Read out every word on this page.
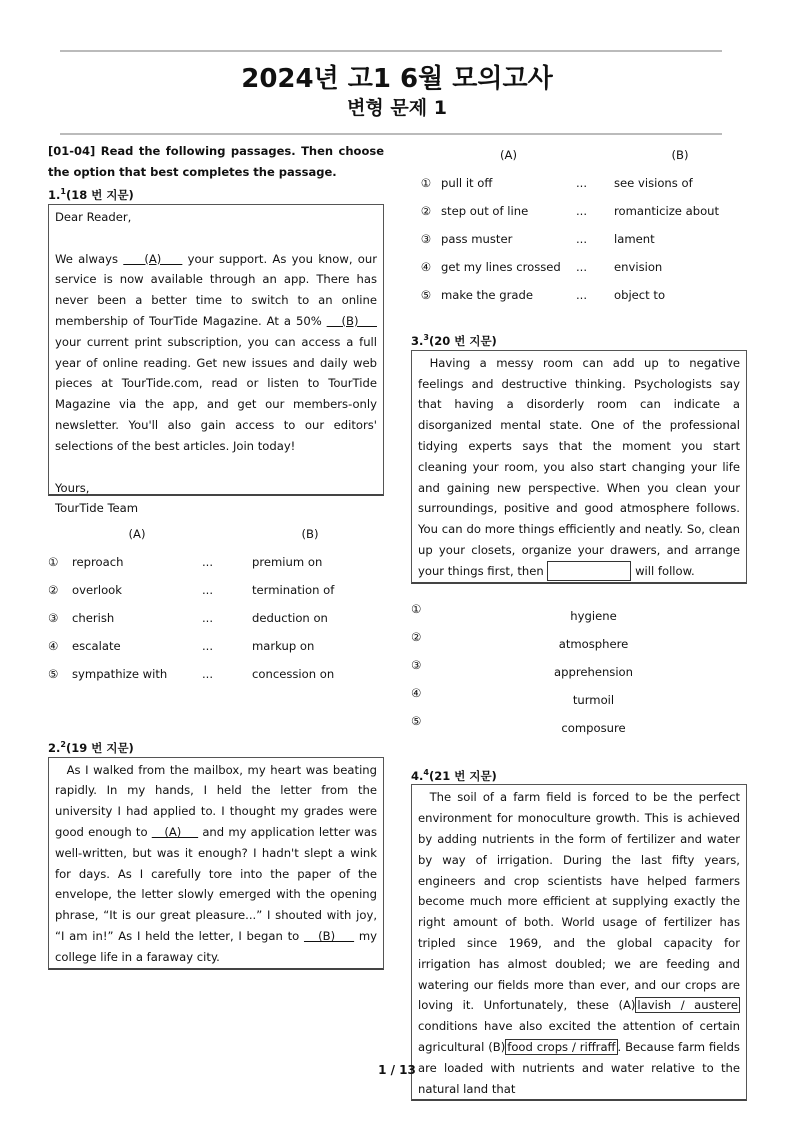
2024년 고1 6월 모의고사
변형 문제 1
[01-04] Read the following passages. Then choose the option that best completes the passage.
1.$^1$(18 번 지문)
Dear Reader,
We always     (A)     your support. As you know, our service is now available through an app. There has never been a better time to switch to an online membership of TourTide Magazine. At a 50%    (B)     your current print subscription, you can access a full year of online reading. Get new issues and daily web pieces at TourTide.com, read or listen to TourTide Magazine via the app, and get our members-only newsletter. You'll also gain access to our editors' selections of the best articles. Join today!
Yours,
TourTide Team
	(A)		(B)
①	reproach	...	premium on
②	overlook	...	termination of
③	cherish	...	deduction on
④	escalate	...	markup on
⑤	sympathize with	...	concession on
2.$^2$(19 번 지문)
As I walked from the mailbox, my heart was beating rapidly. In my hands, I held the letter from the university I had applied to. I thought my grades were good enough to    (A)     and my application letter was well-written, but was it enough? I hadn't slept a wink for days. As I carefully tore into the paper of the envelope, the letter slowly emerged with the opening phrase, “It is our great pleasure...” I shouted with joy, “I am in!” As I held the letter, I began to    (B)     my college life in a faraway city.
	(A)		(B)
①	pull it off	...	see visions of
②	step out of line	...	romanticize about
③	pass muster	...	lament
④	get my lines crossed	...	envision
⑤	make the grade	...	object to
3.$^3$(20 번 지문)
Having a messy room can add up to negative feelings and destructive thinking. Psychologists say that having a disorderly room can indicate a disorganized mental state. One of the professional tidying experts says that the moment you start cleaning your room, you also start changing your life and gaining new perspective. When you clean your surroundings, positive and good atmosphere follows. You can do more things efficiently and neatly. So, clean up your closets, organize your drawers, and arrange your things first, then	will follow.
①	hygiene
②	atmosphere
③	apprehension
④	turmoil
⑤	composure
4.$^4$(21 번 지문)
The soil of a farm field is forced to be the perfect environment for monoculture growth. This is achieved by adding nutrients in the form of fertilizer and water by way of irrigation. During the last fifty years, engineers and crop scientists have helped farmers become much more efficient at supplying exactly the right amount of both. World usage of fertilizer has tripled since 1969, and the global capacity for irrigation has almost doubled; we are feeding and watering our fields more than ever, and our crops are loving it. Unfortunately, these (A) lavish / austere conditions have also excited the attention of certain agricultural (B) food crops / riffraff . Because farm fields are loaded with nutrients and water relative to the natural land that
1 / 13
